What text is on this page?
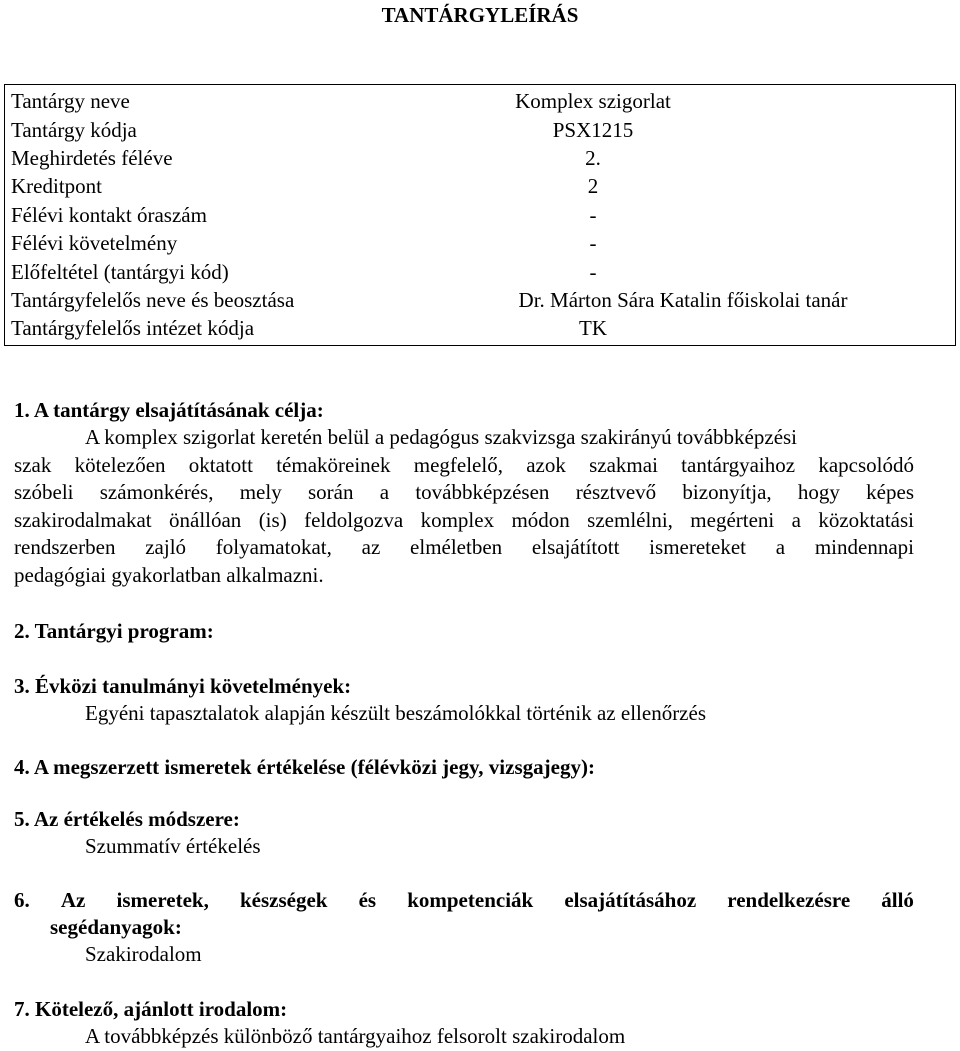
TANTÁRGYLEÍRÁS
Tantárgy neve	Komplex szigorlat
Tantárgy kódja	PSX1215
Meghirdetés féléve	2.
Kreditpont	2
Félévi kontakt óraszám	-
Félévi követelmény	-
Előfeltétel (tantárgyi kód)	-
Tantárgyfelelős neve és beosztása	Dr. Márton Sára Katalin főiskolai tanár
Tantárgyfelelős intézet kódja	TK
1. A tantárgy elsajátításának célja:
A komplex szigorlat keretén belül a pedagógus szakvizsga szakirányú továbbképzési
szak kötelezően oktatott témaköreinek megfelelő, azok szakmai tantárgyaihoz kapcsolódó
szóbeli számonkérés, mely során a továbbképzésen résztvevő bizonyítja, hogy képes
szakirodalmakat önállóan (is) feldolgozva komplex módon szemlélni, megérteni a közoktatási
rendszerben zajló folyamatokat, az elméletben elsajátított ismereteket a mindennapi
pedagógiai gyakorlatban alkalmazni.
2. Tantárgyi program:
3. Évközi tanulmányi követelmények:
Egyéni tapasztalatok alapján készült beszámolókkal történik az ellenőrzés
4. A megszerzett ismeretek értékelése (félévközi jegy, vizsgajegy):
5. Az értékelés módszere:
Szummatív értékelés
6. Az ismeretek, készségek és kompetenciák elsajátításához rendelkezésre álló
segédanyagok:
Szakirodalom
7. Kötelező, ajánlott irodalom:
A továbbképzés különböző tantárgyaihoz felsorolt szakirodalom
